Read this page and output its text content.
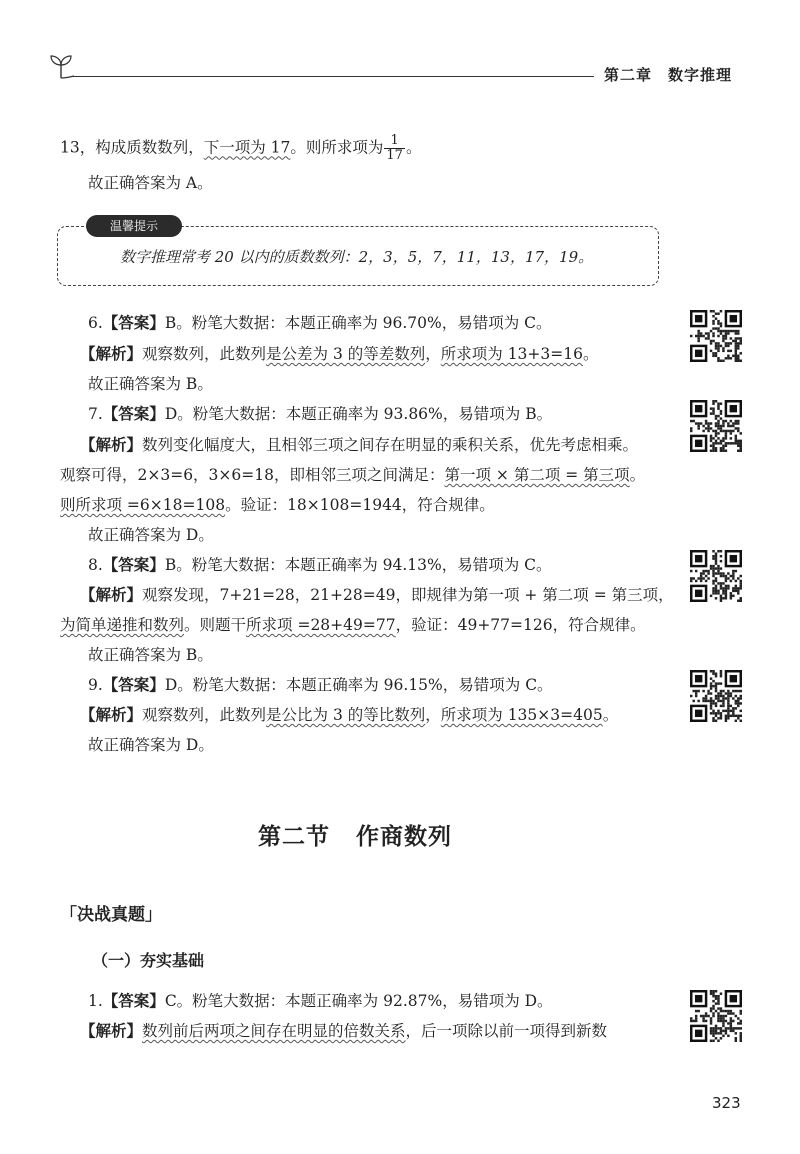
第二章　数字推理
13，构成质数数列，下一项为 17。则所求项为 $\frac{1}{17}$ 。
故正确答案为 A。
温馨提示
数字推理常考 20 以内的质数数列：2，3，5，7，11，13，17，19。
6.【答案】B。粉笔大数据：本题正确率为 96.70%，易错项为 C。
【解析】观察数列，此数列是公差为 3 的等差数列，所求项为 13+3=16。
故正确答案为 B。
7.【答案】D。粉笔大数据：本题正确率为 93.86%，易错项为 B。
【解析】数列变化幅度大，且相邻三项之间存在明显的乘积关系，优先考虑相乘。
观察可得，2×3=6，3×6=18，即相邻三项之间满足：第一项 × 第二项 = 第三项。
则所求项 =6×18=108。验证：18×108=1944，符合规律。
故正确答案为 D。
8.【答案】B。粉笔大数据：本题正确率为 94.13%，易错项为 C。
【解析】观察发现，7+21=28，21+28=49，即规律为第一项 + 第二项 = 第三项，
为简单递推和数列。则题干所求项 =28+49=77，验证：49+77=126，符合规律。
故正确答案为 B。
9.【答案】D。粉笔大数据：本题正确率为 96.15%，易错项为 C。
【解析】观察数列，此数列是公比为 3 的等比数列，所求项为 135×3=405。
故正确答案为 D。
第二节 作商数列
「决战真题」
（一）夯实基础
1.【答案】C。粉笔大数据：本题正确率为 92.87%，易错项为 D。
【解析】数列前后两项之间存在明显的倍数关系，后一项除以前一项得到新数
323
